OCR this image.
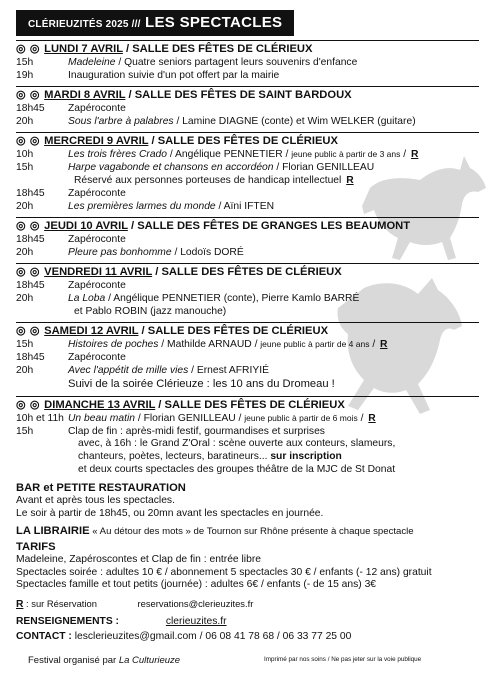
CLÉRIEUZITÉS 2025 /// LES SPECTACLES
◎ ◎ LUNDI 7 AVRIL / SALLE DES FÊTES DE CLÉRIEUX
15h	Madeleine / Quatre seniors partagent leurs souvenirs d'enfance
19h	Inauguration suivie d'un pot offert par la mairie
◎ ◎ MARDI 8 AVRIL / SALLE DES FÊTES DE SAINT BARDOUX
18h45	Zapéroconte
20h	Sous l'arbre à palabres / Lamine DIAGNE (conte) et Wim WELKER (guitare)
◎ ◎ MERCREDI 9 AVRIL / SALLE DES FÊTES DE CLÉRIEUX
10h	Les trois frères Crado / Angélique PENNETIER / jeune public à partir de 3 ans / R
15h	Harpe vagabonde et chansons en accordéon / Florian GENILLEAU
Réservé aux personnes porteuses de handicap intellectuel R
18h45	Zapéroconte
20h	Les premières larmes du monde / Aïni IFTEN
◎ ◎ JEUDI 10 AVRIL / SALLE DES FÊTES DE GRANGES LES BEAUMONT
18h45	Zapéroconte
20h	Pleure pas bonhomme / Lodoïs DORÉ
◎ ◎ VENDREDI 11 AVRIL / SALLE DES FÊTES DE CLÉRIEUX
18h45	Zapéroconte
20h	La Loba / Angélique PENNETIER (conte), Pierre Kamlo BARRÉ
et Pablo ROBIN (jazz manouche)
◎ ◎ SAMEDI 12 AVRIL / SALLE DES FÊTES DE CLÉRIEUX
15h	Histoires de poches / Mathilde ARNAUD / jeune public à partir de 4 ans / R
18h45	Zapéroconte
20h	Avec l'appétit de mille vies / Ernest AFRIYIÉ
Suivi de la soirée Clérieuze : les 10 ans du Dromeau !
◎ ◎ DIMANCHE 13 AVRIL / SALLE DES FÊTES DE CLÉRIEUX
10h et 11h Un beau matin / Florian GENILLEAU / jeune public à partir de 6 mois / R
15h	Clap de fin : après-midi festif, gourmandises et surprises
avec, à 16h : le Grand Z'Oral : scène ouverte aux conteurs, slameurs,
chanteurs, poètes, lecteurs, baratineurs... sur inscription
et deux courts spectacles des groupes théâtre de la MJC de St Donat
BAR et PETITE RESTAURATION
Avant et après tous les spectacles.
Le soir à partir de 18h45, ou 20mn avant les spectacles en journée.
LA LIBRAIRIE « Au détour des mots » de Tournon sur Rhône présente à chaque spectacle
TARIFS
Madeleine, Zapéroscontes et Clap de fin : entrée libre
Spectacles soirée : adultes 10 € / abonnement 5 spectacles 30 € / enfants (- 12 ans) gratuit
Spectacles famille et tout petits (journée) : adultes 6€ / enfants (- de 15 ans) 3€
R : sur Réservation	reservations@clerieuzites.fr
RENSEIGNEMENTS :	clerieuzites.fr
CONTACT : lesclerieuzites@gmail.com / 06 08 41 78 68 / 06 33 77 25 00
Festival organisé par La Culturieuze	Imprimé par nos soins / Ne pas jeter sur la voie publique
